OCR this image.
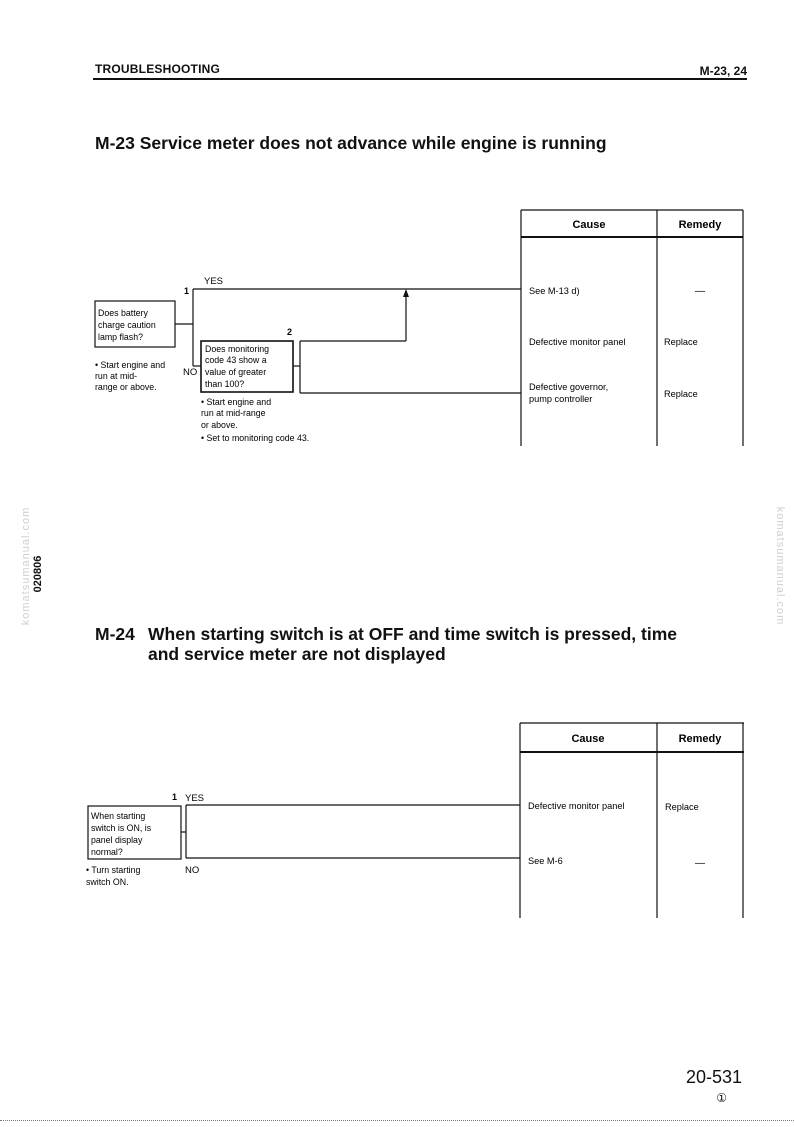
TROUBLESHOOTING	M-23, 24
M-23 Service meter does not advance while engine is running
Cause	Remedy
Does battery charge caution lamp flash?
1
• Start engine and run at mid- range or above.
YES
NO
Does monitoring code 43 show a value of greater than 100?
2
• Start engine and run at mid-range or above. • Set to monitoring code 43.
See M-13 d)	—
Defective monitor panel	Replace
Defective governor, pump controller	Replace
Cause	Remedy
When starting switch is ON, is panel display normal?
1
• Turn starting switch ON.
YES
NO
Defective monitor panel	Replace
See M-6	—
M-24 When starting switch is at OFF and time switch is pressed, time
and service meter are not displayed
020806
komatsumanual.com	komatsumanual.com
20-531
①
